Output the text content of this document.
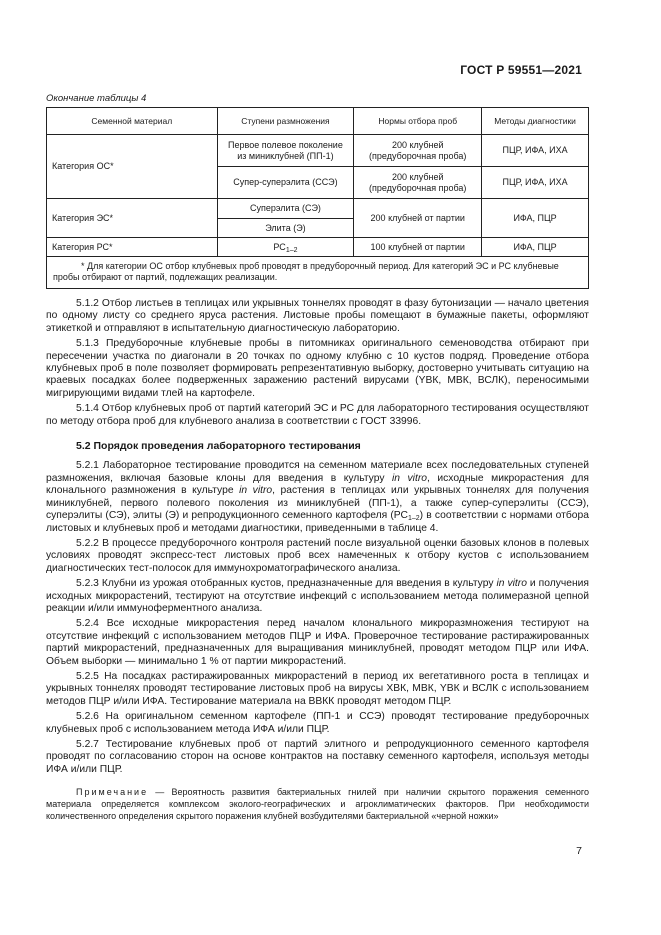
ГОСТ Р 59551—2021
Окончание таблицы 4
Семенной материал	Ступени размножения	Нормы отбора проб	Методы диагностики
Категория ОС*	Первое полевое поколение из миниклубней (ПП-1)	200 клубней (предуборочная проба)	ПЦР, ИФА, ИХА
	Супер-суперэлита (ССЭ)	200 клубней (предуборочная проба)	ПЦР, ИФА, ИХА
Категория ЭС*	Суперэлита (СЭ)	200 клубней от партии	ИФА, ПЦР
	Элита (Э)		
Категория РС*	$РС_{1-2}$	100 клубней от партии	ИФА, ПЦР
* Для категории ОС отбор клубневых проб проводят в предуборочный период. Для категорий ЭС и РС клубневые пробы отбирают от партий, подлежащих реализации.			

5.1.2 Отбор листьев в теплицах или укрывных тоннелях проводят в фазу бутонизации — начало цветения по одному листу со среднего яруса растения. Листовые пробы помещают в бумажные пакеты, оформляют этикеткой и отправляют в испытательную диагностическую лабораторию.

5.1.3 Предуборочные клубневые пробы в питомниках оригинального семеноводства отбирают при пересечении участка по диагонали в 20 точках по одному клубню с 10 кустов подряд. Проведение отбора клубневых проб в поле позволяет формировать репрезентативную выборку, достоверно учитывать ситуацию на краевых посадках более подверженных заражению растений вирусами (YВК, МВК, ВСЛК), переносимыми мигрирующими видами тлей на картофеле.

5.1.4 Отбор клубневых проб от партий категорий ЭС и РС для лабораторного тестирования осуществляют по методу отбора проб для клубневого анализа в соответствии с ГОСТ 33996.

5.2 Порядок проведения лабораторного тестирования

5.2.1 Лабораторное тестирование проводится на семенном материале всех последовательных ступеней размножения, включая базовые клоны для введения в культуру in vitro, исходные микрорастения для клонального размножения в культуре in vitro, растения в теплицах или укрывных тоннелях для получения миниклубней, первого полевого поколения из миниклубней (ПП-1), а также супер-суперэлиты (ССЭ), суперэлиты (СЭ), элиты (Э) и репродукционного семенного картофеля $(РС_{1-2})$ в соответствии с нормами отбора листовых и клубневых проб и методами диагностики, приведенными в таблице 4.

5.2.2 В процессе предуборочного контроля растений после визуальной оценки базовых клонов в полевых условиях проводят экспресс-тест листовых проб всех намеченных к отбору кустов с использованием диагностических тест-полосок для иммунохроматографического анализа.

5.2.3 Клубни из урожая отобранных кустов, предназначенные для введения в культуру in vitro и получения исходных микрорастений, тестируют на отсутствие инфекций с использованием метода полимеразной цепной реакции и/или иммуноферментного анализа.

5.2.4 Все исходные микрорастения перед началом клонального микроразмножения тестируют на отсутствие инфекций с использованием методов ПЦР и ИФА. Проверочное тестирование растиражированных партий микрорастений, предназначенных для выращивания миниклубней, проводят методом ПЦР или ИФА. Объем выборки — минимально 1 % от партии микрорастений.

5.2.5 На посадках растиражированных микрорастений в период их вегетативного роста в теплицах и укрывных тоннелях проводят тестирование листовых проб на вирусы ХВК, МВК, YВК и ВСЛК с использованием методов ПЦР и/или ИФА. Тестирование материала на ВВКК проводят методом ПЦР.

5.2.6 На оригинальном семенном картофеле (ПП-1 и ССЭ) проводят тестирование предуборочных клубневых проб с использованием метода ИФА и/или ПЦР.

5.2.7 Тестирование клубневых проб от партий элитного и репродукционного семенного картофеля проводят по согласованию сторон на основе контрактов на поставку семенного картофеля, используя методы ИФА и/или ПЦР.

Примечание — Вероятность развития бактериальных гнилей при наличии скрытого поражения семенного материала определяется комплексом эколого-географических и агроклиматических факторов. При необходимости количественного определения скрытого поражения клубней возбудителями бактериальной «черной ножки»

7
